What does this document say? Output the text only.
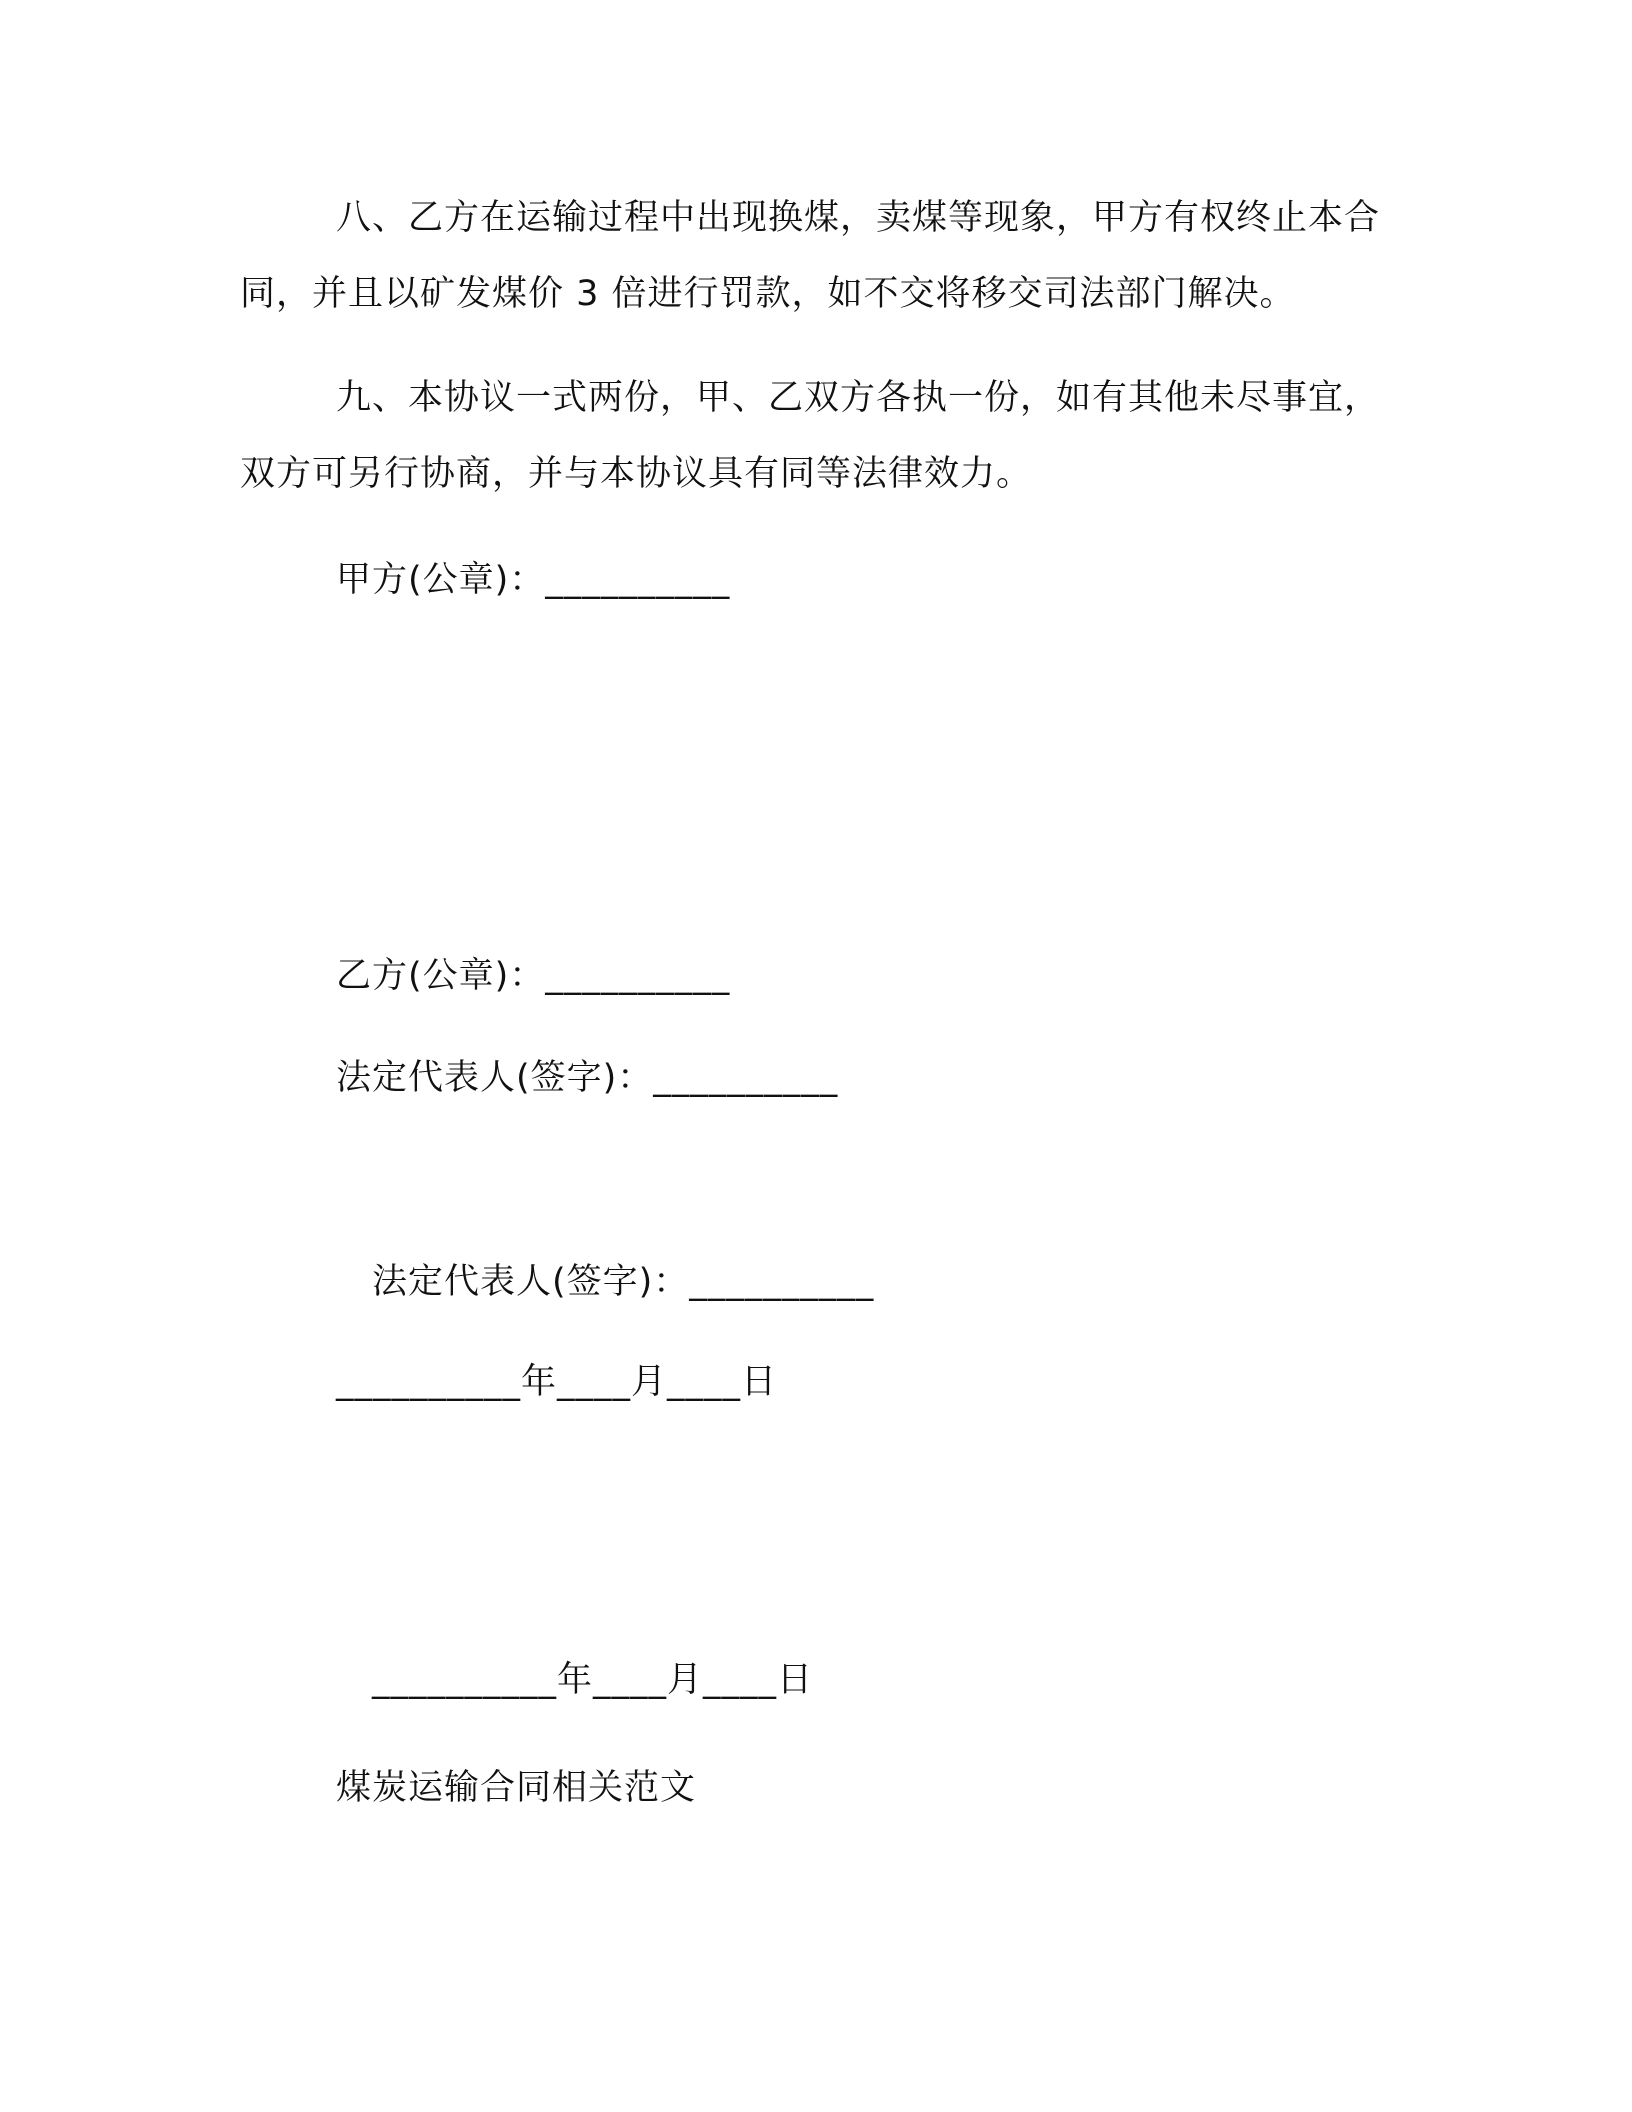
八、乙方在运输过程中出现换煤，卖煤等现象，甲方有权终止本合同，并且以矿发煤价 3 倍进行罚款，如不交将移交司法部门解决。

九、本协议一式两份，甲、乙双方各执一份，如有其他未尽事宜，双方可另行协商，并与本协议具有同等法律效力。

甲方(公章)：__________

乙方(公章)：__________

法定代表人(签字)：__________

法定代表人(签字)：__________

__________年____月____日

__________年____月____日

煤炭运输合同相关范文
